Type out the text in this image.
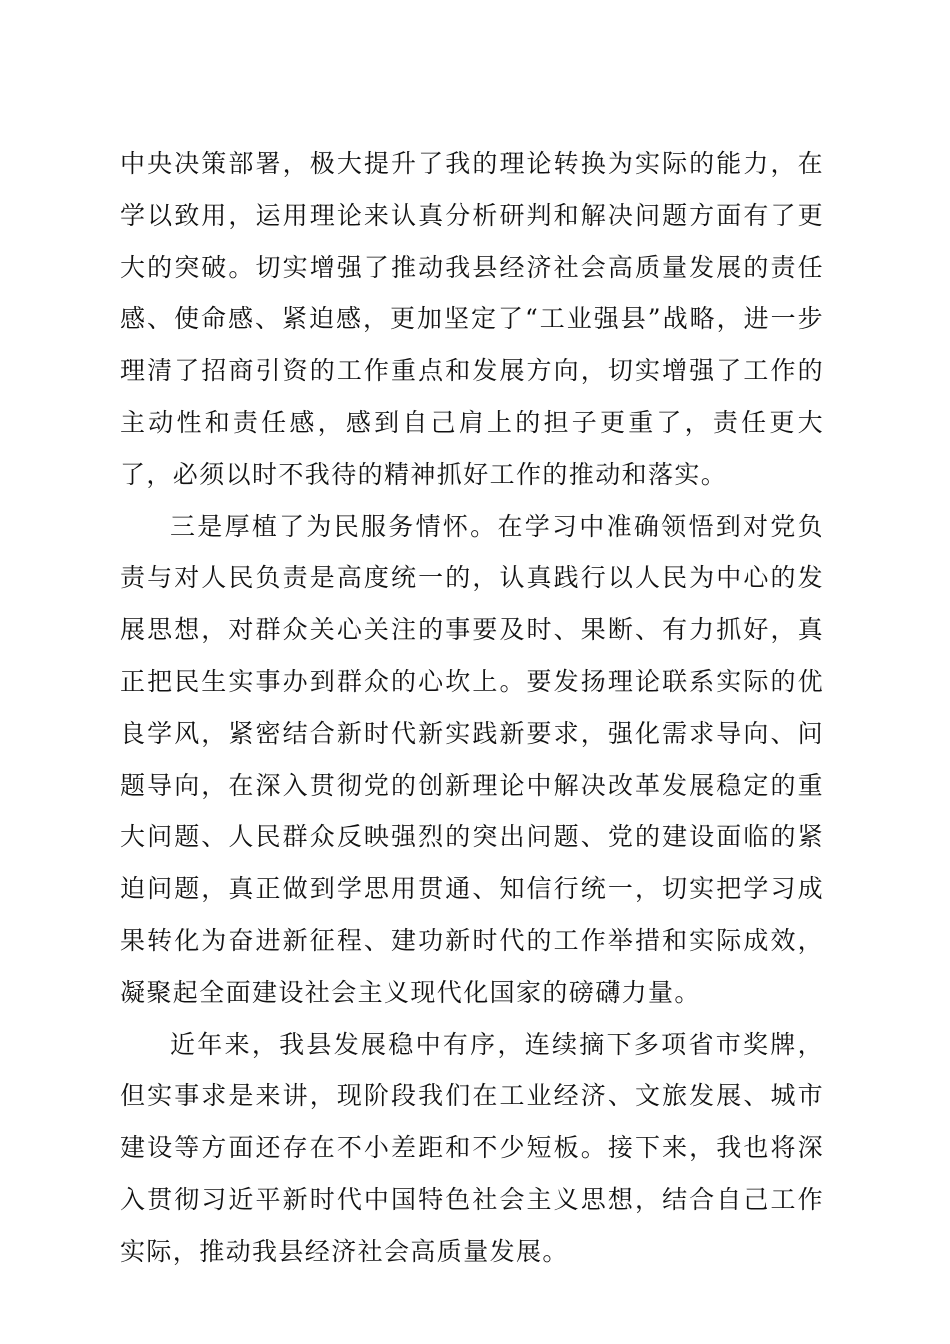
中央决策部署，极大提升了我的理论转换为实际的能力，在学以致用，运用理论来认真分析研判和解决问题方面有了更大的突破。切实增强了推动我县经济社会高质量发展的责任感、使命感、紧迫感，更加坚定了“工业强县”战略，进一步理清了招商引资的工作重点和发展方向，切实增强了工作的主动性和责任感，感到自己肩上的担子更重了，责任更大了，必须以时不我待的精神抓好工作的推动和落实。

三是厚植了为民服务情怀。在学习中准确领悟到对党负责与对人民负责是高度统一的，认真践行以人民为中心的发展思想，对群众关心关注的事要及时、果断、有力抓好，真正把民生实事办到群众的心坎上。要发扬理论联系实际的优良学风，紧密结合新时代新实践新要求，强化需求导向、问题导向，在深入贯彻党的创新理论中解决改革发展稳定的重大问题、人民群众反映强烈的突出问题、党的建设面临的紧迫问题，真正做到学思用贯通、知信行统一，切实把学习成果转化为奋进新征程、建功新时代的工作举措和实际成效，凝聚起全面建设社会主义现代化国家的磅礴力量。

近年来，我县发展稳中有序，连续摘下多项省市奖牌，但实事求是来讲，现阶段我们在工业经济、文旅发展、城市建设等方面还存在不小差距和不少短板。接下来，我也将深入贯彻习近平新时代中国特色社会主义思想，结合自己工作实际，推动我县经济社会高质量发展。
